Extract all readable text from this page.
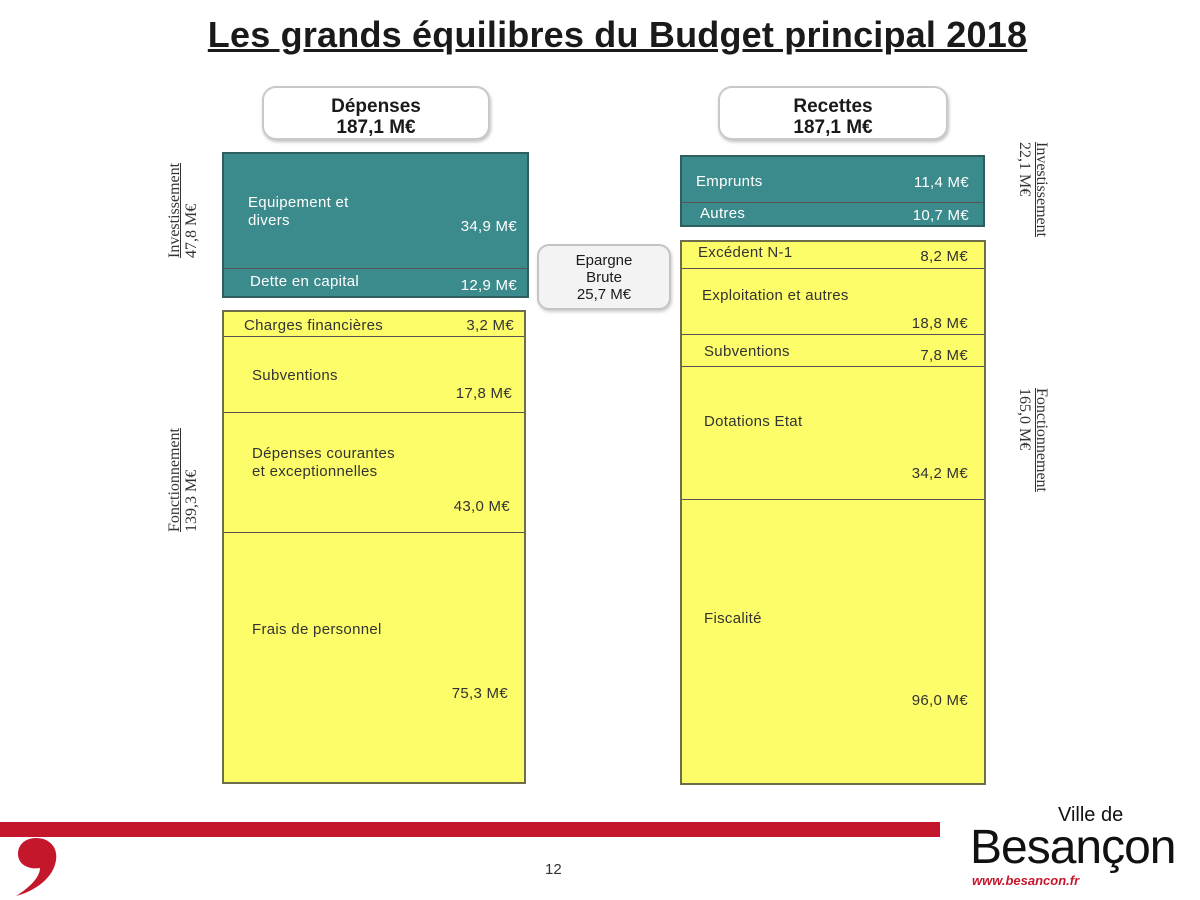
Les grands équilibres du Budget principal 2018
Dépenses
187,1 M€
Recettes
187,1 M€
Equipement et
divers	34,9 M€
Dette en capital	12,9 M€
Charges financières	3,2 M€
Subventions
17,8 M€
Dépenses courantes
et exceptionnelles
43,0 M€
Frais de personnel
75,3 M€
Emprunts	11,4 M€
Autres	10,7 M€
Excédent N-1	8,2 M€
Exploitation et autres
18,8 M€
Subventions	7,8 M€
Dotations Etat
34,2 M€
Fiscalité
96,0 M€
Epargne
Brute
25,7 M€
Investissement 47,8 M€
Fonctionnement 139,3 M€
Investissement
22,1 M€
Fonctionnement
165,0 M€
12
Ville de
Besançon
www.besancon.fr
